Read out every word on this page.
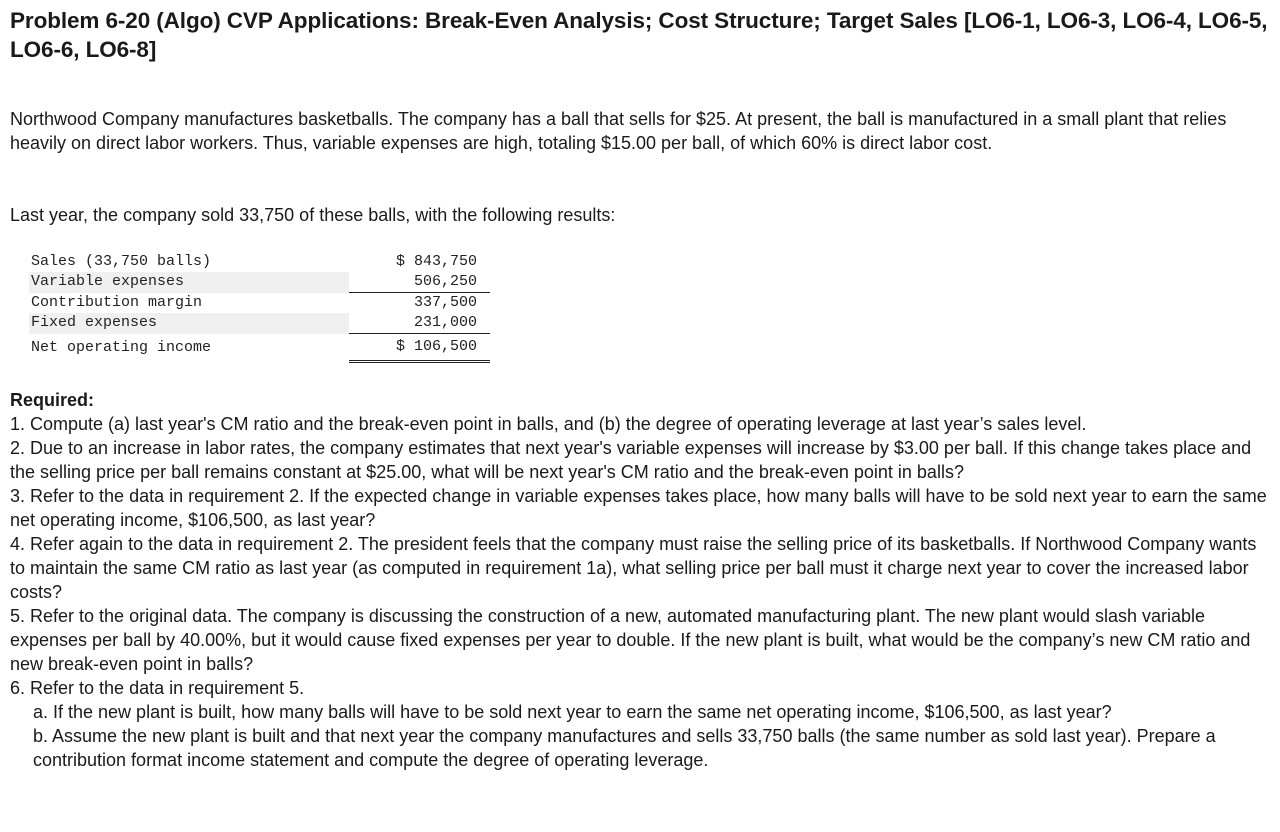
Problem 6-20 (Algo) CVP Applications: Break-Even Analysis; Cost Structure; Target Sales [LO6-1, LO6-3, LO6-4, LO6-5, LO6-6, LO6-8]

Northwood Company manufactures basketballs. The company has a ball that sells for $25. At present, the ball is manufactured in a small plant that relies heavily on direct labor workers. Thus, variable expenses are high, totaling $15.00 per ball, of which 60% is direct labor cost.

Last year, the company sold 33,750 of these balls, with the following results:

Sales (33,750 balls)	$ 843,750
Variable expenses	506,250
Contribution margin	337,500
Fixed expenses	231,000
Net operating income	$ 106,500
Required:

1. Compute (a) last year's CM ratio and the break-even point in balls, and (b) the degree of operating leverage at last year’s sales level.

2. Due to an increase in labor rates, the company estimates that next year's variable expenses will increase by $3.00 per ball. If this change takes place and the selling price per ball remains constant at $25.00, what will be next year's CM ratio and the break-even point in balls?

3. Refer to the data in requirement 2. If the expected change in variable expenses takes place, how many balls will have to be sold next year to earn the same net operating income, $106,500, as last year?

4. Refer again to the data in requirement 2. The president feels that the company must raise the selling price of its basketballs. If Northwood Company wants to maintain the same CM ratio as last year (as computed in requirement 1a), what selling price per ball must it charge next year to cover the increased labor costs?

5. Refer to the original data. The company is discussing the construction of a new, automated manufacturing plant. The new plant would slash variable expenses per ball by 40.00%, but it would cause fixed expenses per year to double. If the new plant is built, what would be the company’s new CM ratio and new break-even point in balls?

6. Refer to the data in requirement 5.

a. If the new plant is built, how many balls will have to be sold next year to earn the same net operating income, $106,500, as last year?

b. Assume the new plant is built and that next year the company manufactures and sells 33,750 balls (the same number as sold last year). Prepare a contribution format income statement and compute the degree of operating leverage.
